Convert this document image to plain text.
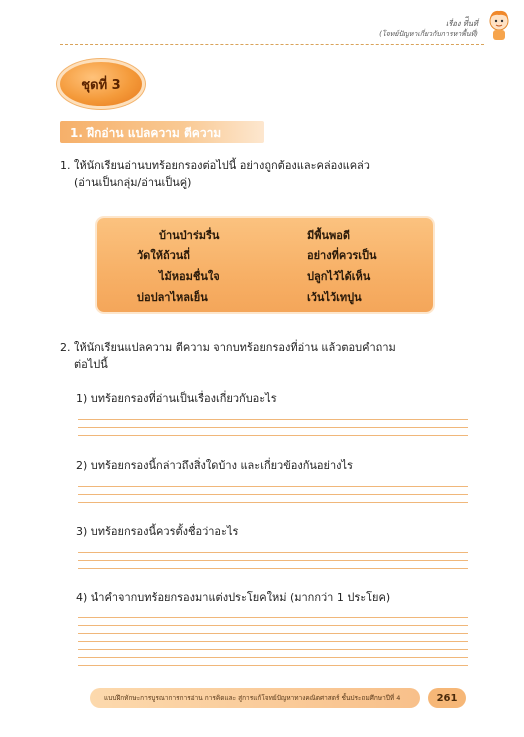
เรื่อง ที่ีนที่
(โจทย์ปัญหาเกี่ยวกับการหาพื้นที่)
ชุดที่ 3
1. ฝึกอ่าน แปลความ ตีความ
1. ให้นักเรียนอ่านบทร้อยกรองต่อไปนี้ อย่างถูกต้องและคล่องแคล่ว
(อ่านเป็นกลุ่ม/อ่านเป็นคู่)
บ้านป่าร่มรื่น	มีพื้นพอดี
วัดให้ถ้วนถี่	อย่างที่ควรเป็น
ไม้หอมชื่นใจ	ปลูกไว้ได้เห็น
บ่อปลาไหลเย็น	เว้นไว้เทปูน
2. ให้นักเรียนแปลความ ตีความ จากบทร้อยกรองที่อ่าน แล้วตอบคำถาม
ต่อไปนี้
1) บทร้อยกรองที่อ่านเป็นเรื่องเกี่ยวกับอะไร
2) บทร้อยกรองนี้กล่าวถึงสิ่งใดบ้าง และเกี่ยวข้องกันอย่างไร
3) บทร้อยกรองนี้ควรตั้งชื่อว่าอะไร
4) นำคำจากบทร้อยกรองมาแต่งประโยคใหม่ (มากกว่า 1 ประโยค)
แบบฝึกทักษะการบูรณาการการอ่าน การคิดและ สู่การแก้โจทย์ปัญหาทางคณิตศาสตร์ ชั้นประถมศึกษาปีที่ 4	261
